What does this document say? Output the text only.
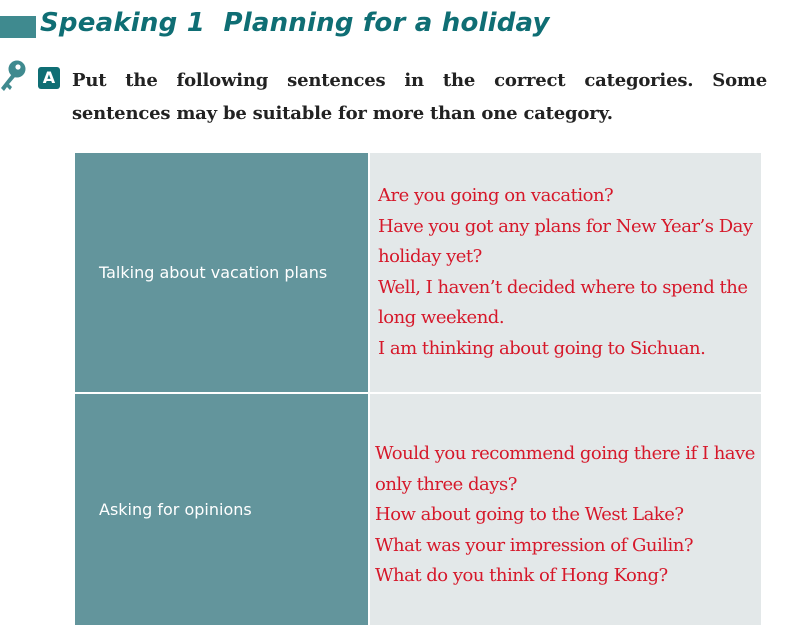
Speaking 1  Planning for a holiday
A Put the following sentences in the correct categories. Some sentences may be suitable for more than one category.

Talking about vacation plans
Are you going on vacation?
Have you got any plans for New Year’s Day
holiday yet?
Well, I haven’t decided where to spend the
long weekend.
I am thinking about going to Sichuan.
Asking for opinions
Would you recommend going there if I have
only three days?
How about going to the West Lake?
What was your impression of Guilin?
What do you think of Hong Kong?
